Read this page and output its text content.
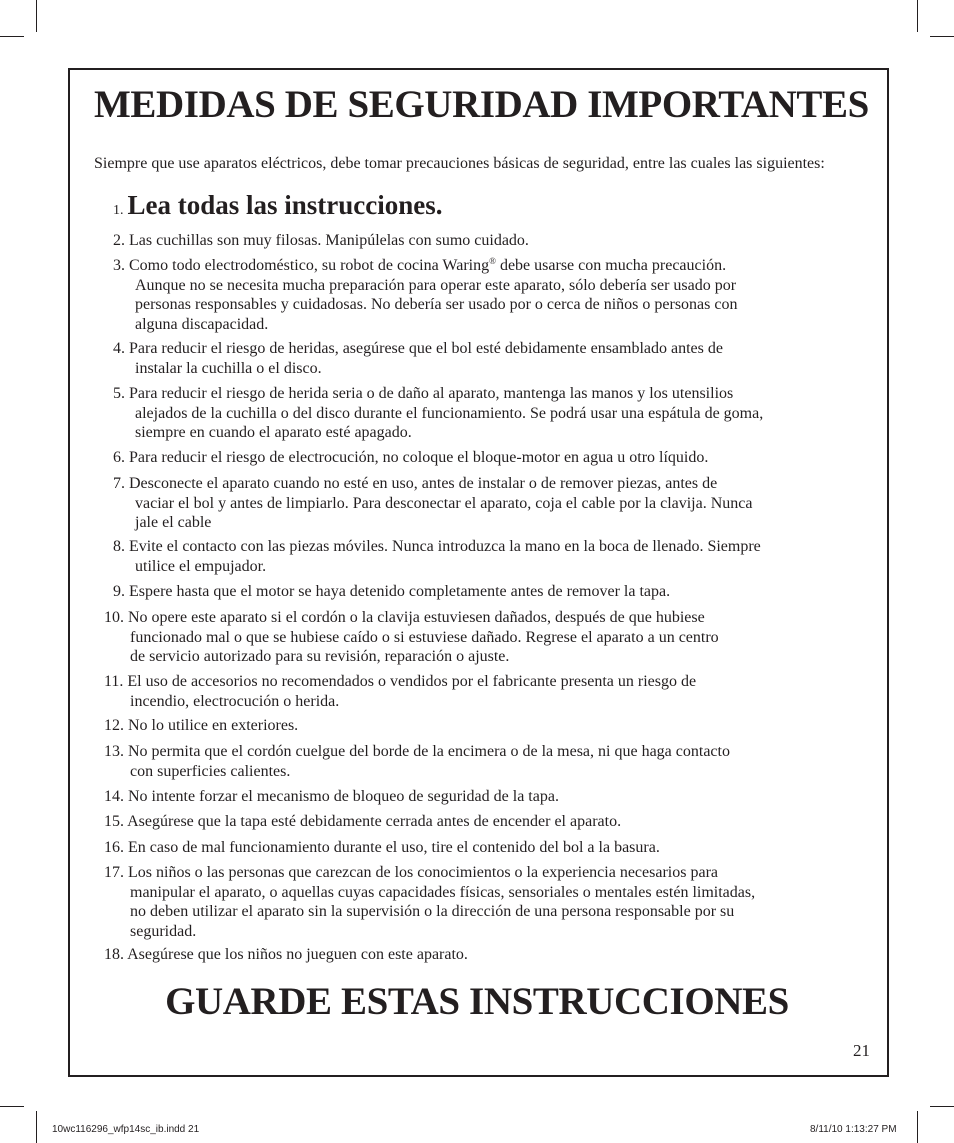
MEDIDAS DE SEGURIDAD IMPORTANTES

Siempre que use aparatos eléctricos, debe tomar precauciones básicas de seguridad, entre las cuales las siguientes:

1. Lea todas las instrucciones.

2. Las cuchillas son muy filosas. Manipúlelas con sumo cuidado.

3. Como todo electrodoméstico, su robot de cocina Waring® debe usarse con mucha precaución.
Aunque no se necesita mucha preparación para operar este aparato, sólo debería ser usado por
personas responsables y cuidadosas. No debería ser usado por o cerca de niños o personas con
alguna discapacidad.

4. Para reducir el riesgo de heridas, asegúrese que el bol esté debidamente ensamblado antes de
instalar la cuchilla o el disco.

5. Para reducir el riesgo de herida seria o de daño al aparato, mantenga las manos y los utensilios
alejados de la cuchilla o del disco durante el funcionamiento. Se podrá usar una espátula de goma,
siempre en cuando el aparato esté apagado.

6. Para reducir el riesgo de electrocución, no coloque el bloque-motor en agua u otro líquido.

7. Desconecte el aparato cuando no esté en uso, antes de instalar o de remover piezas, antes de
vaciar el bol y antes de limpiarlo. Para desconectar el aparato, coja el cable por la clavija. Nunca
jale el cable

8. Evite el contacto con las piezas móviles. Nunca introduzca la mano en la boca de llenado. Siempre
utilice el empujador.

9. Espere hasta que el motor se haya detenido completamente antes de remover la tapa.

10. No opere este aparato si el cordón o la clavija estuviesen dañados, después de que hubiese
funcionado mal o que se hubiese caído o si estuviese dañado. Regrese el aparato a un centro
de servicio autorizado para su revisión, reparación o ajuste.

11. El uso de accesorios no recomendados o vendidos por el fabricante presenta un riesgo de
incendio, electrocución o herida.

12. No lo utilice en exteriores.

13. No permita que el cordón cuelgue del borde de la encimera o de la mesa, ni que haga contacto
con superficies calientes.

14. No intente forzar el mecanismo de bloqueo de seguridad de la tapa.

15. Asegúrese que la tapa esté debidamente cerrada antes de encender el aparato.

16. En caso de mal funcionamiento durante el uso, tire el contenido del bol a la basura.

17. Los niños o las personas que carezcan de los conocimientos o la experiencia necesarios para
manipular el aparato, o aquellas cuyas capacidades físicas, sensoriales o mentales estén limitadas,
no deben utilizar el aparato sin la supervisión o la dirección de una persona responsable por su
seguridad.

18. Asegúrese que los niños no jueguen con este aparato.

GUARDE ESTAS INSTRUCCIONES
21
10wc116296_wfp14sc_ib.indd 21	8/11/10 1:13:27 PM
